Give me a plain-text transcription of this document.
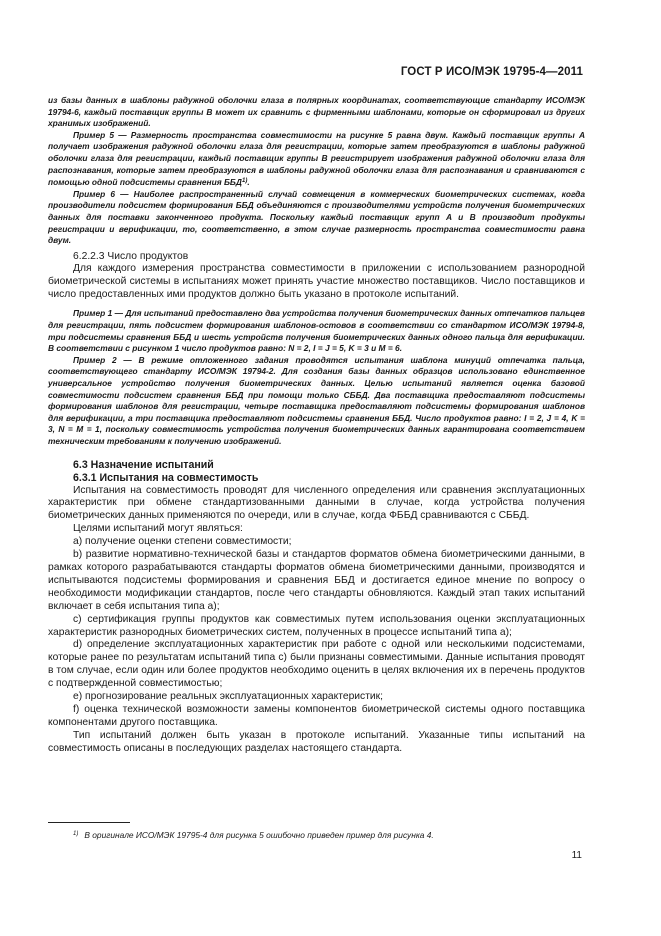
ГОСТ Р ИСО/МЭК 19795-4—2011

из базы данных в шаблоны радужной оболочки глаза в полярных координатах, соответствующие стандарту ИСО/МЭК 19794-6, каждый поставщик группы B может их сравнить с фирменными шаблонами, которые он сформировал из других хранимых изображений.

Пример 5 — Размерность пространства совместимости на рисунке 5 равна двум. Каждый поставщик группы A получает изображения радужной оболочки глаза для регистрации, которые затем преобразуются в шаблоны радужной оболочки глаза для регистрации, каждый поставщик группы B регистрирует изображения радужной оболочки глаза для распознавания, которые затем преобразуются в шаблоны радужной оболочки глаза для распознавания и сравниваются с помощью одной подсистемы сравнения ББД$^{1)}$.

Пример 6 — Наиболее распространенный случай совмещения в коммерческих биометрических системах, когда производители подсистем формирования ББД объединяются с производителями устройств получения биометрических данных для поставки законченного продукта. Поскольку каждый поставщик групп A и B производит продукты регистрации и верификации, то, соответственно, в этом случае размерность пространства совместимости равна двум.

6.2.2.3 Число продуктов

Для каждого измерения пространства совместимости в приложении с использованием разнородной биометрической системы в испытаниях может принять участие множество поставщиков. Число поставщиков и число предоставленных ими продуктов должно быть указано в протоколе испытаний.

Пример 1 — Для испытаний предоставлено два устройства получения биометрических данных отпечатков пальцев для регистрации, пять подсистем формирования шаблонов-остовов в соответствии со стандартом ИСО/МЭК 19794-8, три подсистемы сравнения ББД и шесть устройств получения биометрических данных одного пальца для верификации. В соответствии с рисунком 1 число продуктов равно: N = 2, I = J = 5, K = 3 и M = 6.

Пример 2 — В режиме отложенного задания проводятся испытания шаблона минуций отпечатка пальца, соответствующего стандарту ИСО/МЭК 19794-2. Для создания базы данных образцов использовано единственное универсальное устройство получения биометрических данных. Целью испытаний является оценка базовой совместимости подсистем сравнения ББД при помощи только СББД. Два поставщика предоставляют подсистемы формирования шаблонов для регистрации, четыре поставщика предоставляют подсистемы формирования шаблонов для верификации, а три поставщика предоставляют подсистемы сравнения ББД. Число продуктов равно: I = 2, J = 4, K = 3, N = M = 1, поскольку совместимость устройства получения биометрических данных гарантирована соответствием техническим требованиям к получению изображений.

6.3 Назначение испытаний

6.3.1 Испытания на совместимость

Испытания на совместимость проводят для численного определения или сравнения эксплуатационных характеристик при обмене стандартизованными данными в случае, когда устройства получения биометрических данных применяются по очереди, или в случае, когда ФББД сравниваются с СББД.

Целями испытаний могут являться:

a) получение оценки степени совместимости;

b) развитие нормативно-технической базы и стандартов форматов обмена биометрическими данными, в рамках которого разрабатываются стандарты форматов обмена биометрическими данными, производятся и испытываются подсистемы формирования и сравнения ББД и достигается единое мнение по вопросу о необходимости модификации стандартов, после чего стандарты обновляются. Каждый этап таких испытаний включает в себя испытания типа a);

c) сертификация группы продуктов как совместимых путем использования оценки эксплуатационных характеристик разнородных биометрических систем, полученных в процессе испытаний типа a);

d) определение эксплуатационных характеристик при работе с одной или несколькими подсистемами, которые ранее по результатам испытаний типа c) были признаны совместимыми. Данные испытания проводят в том случае, если один или более продуктов необходимо оценить в целях включения их в перечень продуктов с подтвержденной совместимостью;

e) прогнозирование реальных эксплуатационных характеристик;

f) оценка технической возможности замены компонентов биометрической системы одного поставщика компонентами другого поставщика.

Тип испытаний должен быть указан в протоколе испытаний. Указанные типы испытаний на совместимость описаны в последующих разделах настоящего стандарта.

$^{1)}$ В оригинале ИСО/МЭК 19795-4 для рисунка 5 ошибочно приведен пример для рисунка 4.
11
